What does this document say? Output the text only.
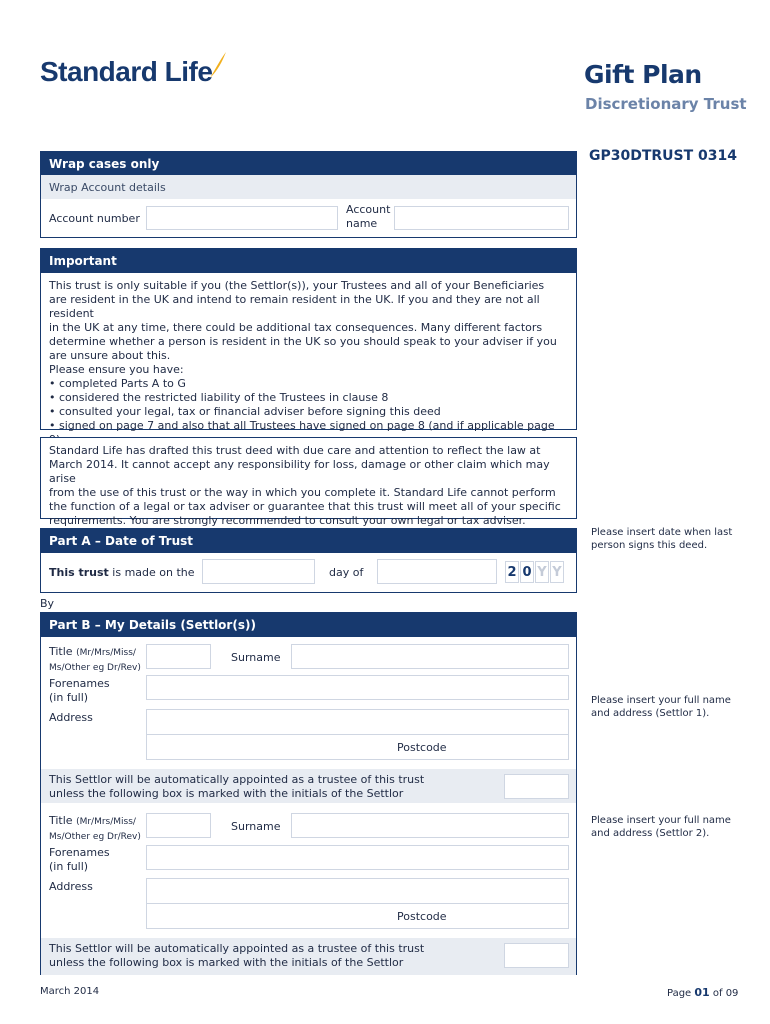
Standard Life	Gift Plan
Discretionary Trust
GP30DTRUST 0314
Wrap cases only
Wrap Account details
Account number
Account
name
Important
This trust is only suitable if you (the Settlor(s)), your Trustees and all of your Beneficiaries
are resident in the UK and intend to remain resident in the UK. If you and they are not all resident
in the UK at any time, there could be additional tax consequences. Many different factors
determine whether a person is resident in the UK so you should speak to your adviser if you
are unsure about this.
Please ensure you have:
• completed Parts A to G
• considered the restricted liability of the Trustees in clause 8
• consulted your legal, tax or financial adviser before signing this deed
• signed on page 7 and also that all Trustees have signed on page 8 (and if applicable page
Standard Life has drafted this trust deed with due care and attention to reflect the law at
March 2014. It cannot accept any responsibility for loss, damage or other claim which may arise
from the use of this trust or the way in which you complete it. Standard Life cannot perform
the function of a legal or tax adviser or guarantee that this trust will meet all of your specific
requirements. You are strongly recommended to consult your own legal or tax adviser.
Part A – Date of Trust
This trust is made on the	day of	2 0 Y Y
Please insert date when last person signs this deed.
By
Part B – My Details (Settlor(s))
Title (Mr/Mrs/Miss/
Ms/Other eg Dr/Rev)
Surname
Forenames
(in full)
Address
Postcode
This Settlor will be automatically appointed as a trustee of this trust
unless the following box is marked with the initials of the Settlor
Title (Mr/Mrs/Miss/
Ms/Other eg Dr/Rev)
Surname
Forenames
(in full)
Address
Postcode
This Settlor will be automatically appointed as a trustee of this trust
unless the following box is marked with the initials of the Settlor
Please insert your full name and address (Settlor 1).
Please insert your full name and address (Settlor 2).
March 2014	Page 01 of 09
